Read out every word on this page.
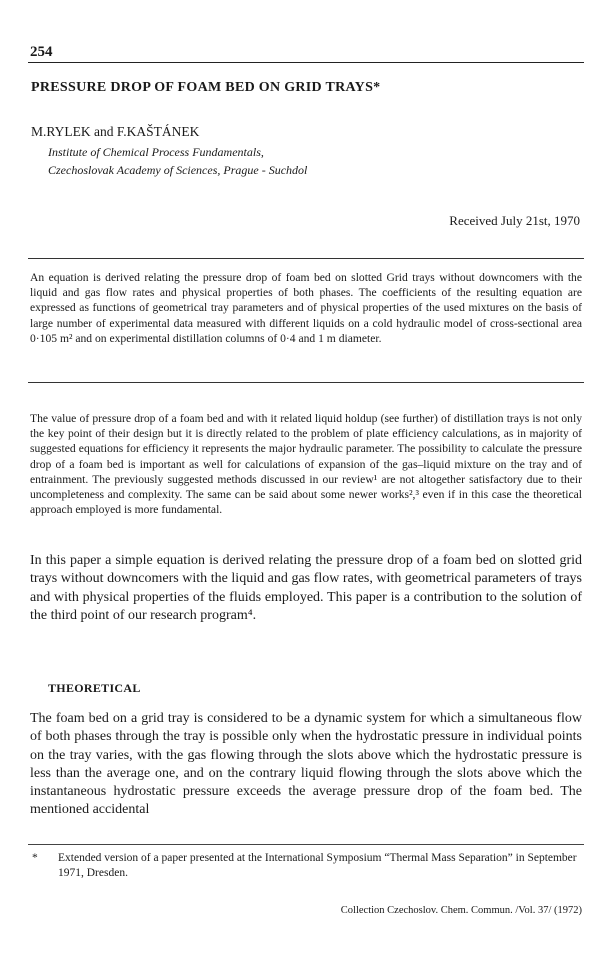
254
PRESSURE DROP OF FOAM BED ON GRID TRAYS*
M.RYLEK and F.KAŠTÁNEK
Institute of Chemical Process Fundamentals,
Czechoslovak Academy of Sciences, Prague - Suchdol
Received July 21st, 1970

An equation is derived relating the pressure drop of foam bed on slotted Grid trays without downcomers with the liquid and gas flow rates and physical properties of both phases. The coefficients of the resulting equation are expressed as functions of geometrical tray parameters and of physical properties of the used mixtures on the basis of large number of experimental data measured with different liquids on a cold hydraulic model of cross-sectional area 0·105 m² and on experimental distillation columns of 0·4 and 1 m diameter.

The value of pressure drop of a foam bed and with it related liquid holdup (see further) of distillation trays is not only the key point of their design but it is directly related to the problem of plate efficiency calculations, as in majority of suggested equations for efficiency it represents the major hydraulic parameter. The possibility to calculate the pressure drop of a foam bed is important as well for calculations of expansion of the gas–liquid mixture on the tray and of entrainment. The previously suggested methods discussed in our review¹ are not altogether satisfactory due to their uncompleteness and complexity. The same can be said about some newer works²,³ even if in this case the theoretical approach employed is more fundamental.

In this paper a simple equation is derived relating the pressure drop of a foam bed on slotted grid trays without downcomers with the liquid and gas flow rates, with geometrical parameters of trays and with physical properties of the fluids employed. This paper is a contribution to the solution of the third point of our research program⁴.

THEORETICAL

The foam bed on a grid tray is considered to be a dynamic system for which a simultaneous flow of both phases through the tray is possible only when the hydrostatic pressure in individual points on the tray varies, with the gas flowing through the slots above which the hydrostatic pressure is less than the average one, and on the contrary liquid flowing through the slots above which the instantaneous hydrostatic pressure exceeds the average pressure drop of the foam bed. The mentioned accidental

*	Extended version of a paper presented at the International Symposium “Thermal Mass Separation” in September 1971, Dresden.
Collection Czechoslov. Chem. Commun. /Vol. 37/ (1972)
